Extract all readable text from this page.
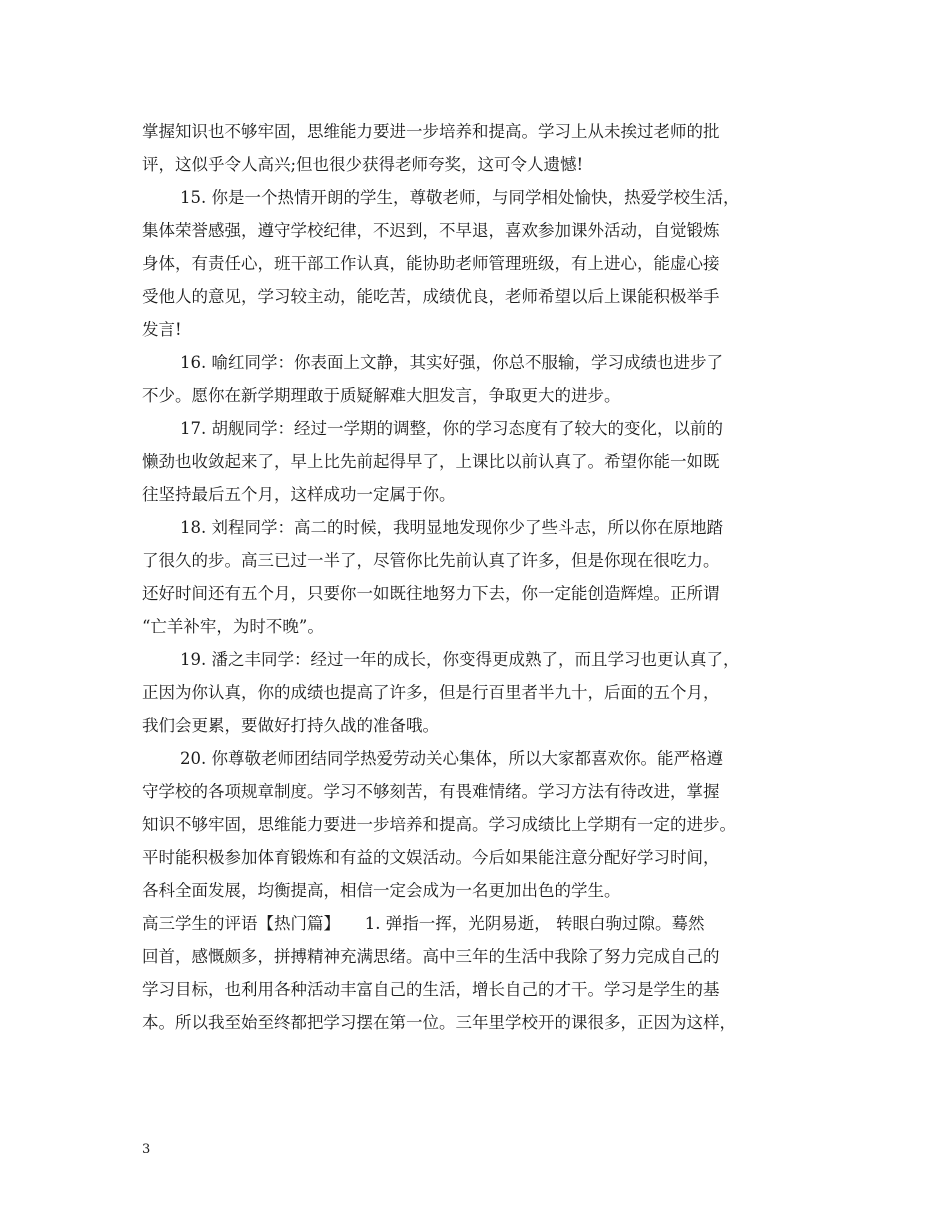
掌握知识也不够牢固，思维能力要进一步培养和提高。学习上从未挨过老师的批
评，这似乎令人高兴;但也很少获得老师夸奖，这可令人遗憾!
15. 你是一个热情开朗的学生，尊敬老师，与同学相处愉快，热爱学校生活，
集体荣誉感强，遵守学校纪律，不迟到，不早退，喜欢参加课外活动，自觉锻炼
身体，有责任心，班干部工作认真，能协助老师管理班级，有上进心，能虚心接
受他人的意见，学习较主动，能吃苦，成绩优良，老师希望以后上课能积极举手
发言!
16. 喻红同学：你表面上文静，其实好强，你总不服输，学习成绩也进步了
不少。愿你在新学期理敢于质疑解难大胆发言，争取更大的进步。
17. 胡舰同学：经过一学期的调整，你的学习态度有了较大的变化，以前的
懒劲也收敛起来了，早上比先前起得早了，上课比以前认真了。希望你能一如既
往坚持最后五个月，这样成功一定属于你。
18. 刘程同学：高二的时候，我明显地发现你少了些斗志，所以你在原地踏
了很久的步。高三已过一半了，尽管你比先前认真了许多，但是你现在很吃力。
还好时间还有五个月，只要你一如既往地努力下去，你一定能创造辉煌。正所谓
“亡羊补牢，为时不晚”。
19. 潘之丰同学：经过一年的成长，你变得更成熟了，而且学习也更认真了，
正因为你认真，你的成绩也提高了许多，但是行百里者半九十，后面的五个月，
我们会更累，要做好打持久战的准备哦。
20. 你尊敬老师团结同学热爱劳动关心集体，所以大家都喜欢你。能严格遵
守学校的各项规章制度。学习不够刻苦，有畏难情绪。学习方法有待改进，掌握
知识不够牢固，思维能力要进一步培养和提高。学习成绩比上学期有一定的进步。
平时能积极参加体育锻炼和有益的文娱活动。今后如果能注意分配好学习时间，
各科全面发展，均衡提高，相信一定会成为一名更加出色的学生。
高三学生的评语【热门篇】　　1. 弹指一挥，光阴易逝， 转眼白驹过隙。蓦然
回首，感慨颇多，拼搏精神充满思绪。高中三年的生活中我除了努力完成自己的
学习目标，也利用各种活动丰富自己的生活，增长自己的才干。学习是学生的基
本。所以我至始至终都把学习摆在第一位。三年里学校开的课很多，正因为这样，
3
